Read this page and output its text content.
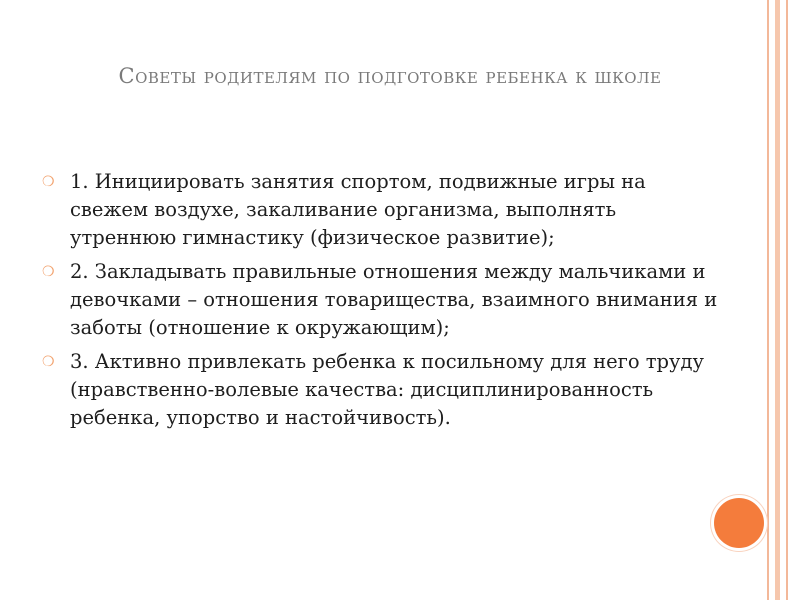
Советы родителям по подготовке ребенка к школе
❍ 1. Инициировать занятия спортом, подвижные игры на свежем воздухе, закаливание организма, выполнять утреннюю гимнастику (физическое развитие);
❍ 2. Закладывать правильные отношения между мальчиками и девочками – отношения товарищества, взаимного внимания и заботы (отношение к окружающим);
❍ 3. Активно привлекать ребенка к посильному для него труду (нравственно-волевые качества: дисциплинированность ребенка, упорство и настойчивость).
